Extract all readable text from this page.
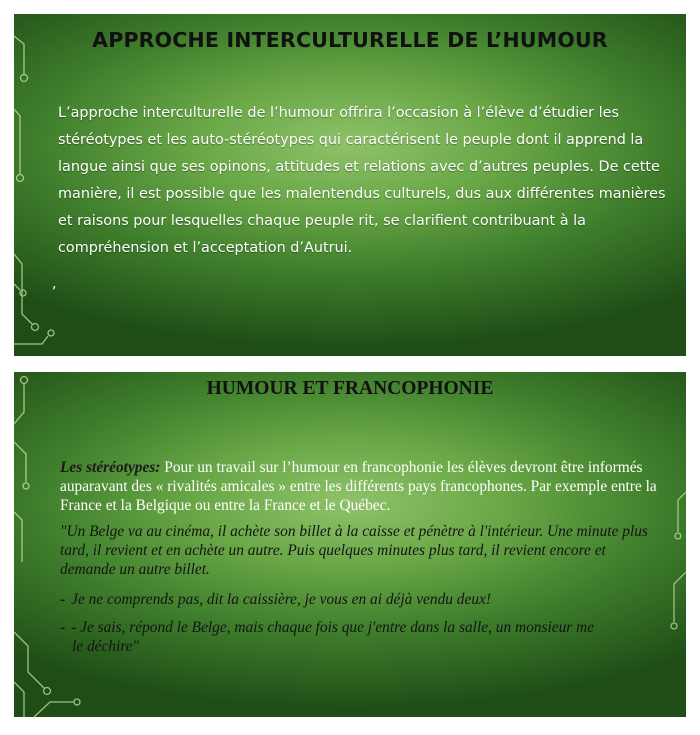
APPROCHE INTERCULTURELLE DE L’HUMOUR

L’approche interculturelle de l’humour offrira l’occasion à l’élève d’étudier les stéréotypes et les auto-stéréotypes qui caractérisent le peuple dont il apprend la langue ainsi que ses opinons, attitudes et relations avec d’autres peuples. De cette manière, il est possible que les malentendus culturels, dus aux différentes manières et raisons pour lesquelles chaque peuple rit, se clarifient contribuant à la compréhension et l’acceptation d’Autrui.

,
HUMOUR ET FRANCOPHONIE

Les stéréotypes: Pour un travail sur l’humour en francophonie les élèves devront être informés auparavant des « rivalités amicales » entre les différents pays francophones. Par exemple entre la France et la Belgique ou entre la France et le Québec.

"Un Belge va au cinéma, il achète son billet à la caisse et pénètre à l'intérieur. Une minute plus tard, il revient et en achète un autre. Puis quelques minutes plus tard, il revient encore et demande un autre billet.

- Je ne comprends pas, dit la caissière, je vous en ai déjà vendu deux!

- - Je sais, répond le Belge, mais chaque fois que j'entre dans la salle, un monsieur me
le déchire"
